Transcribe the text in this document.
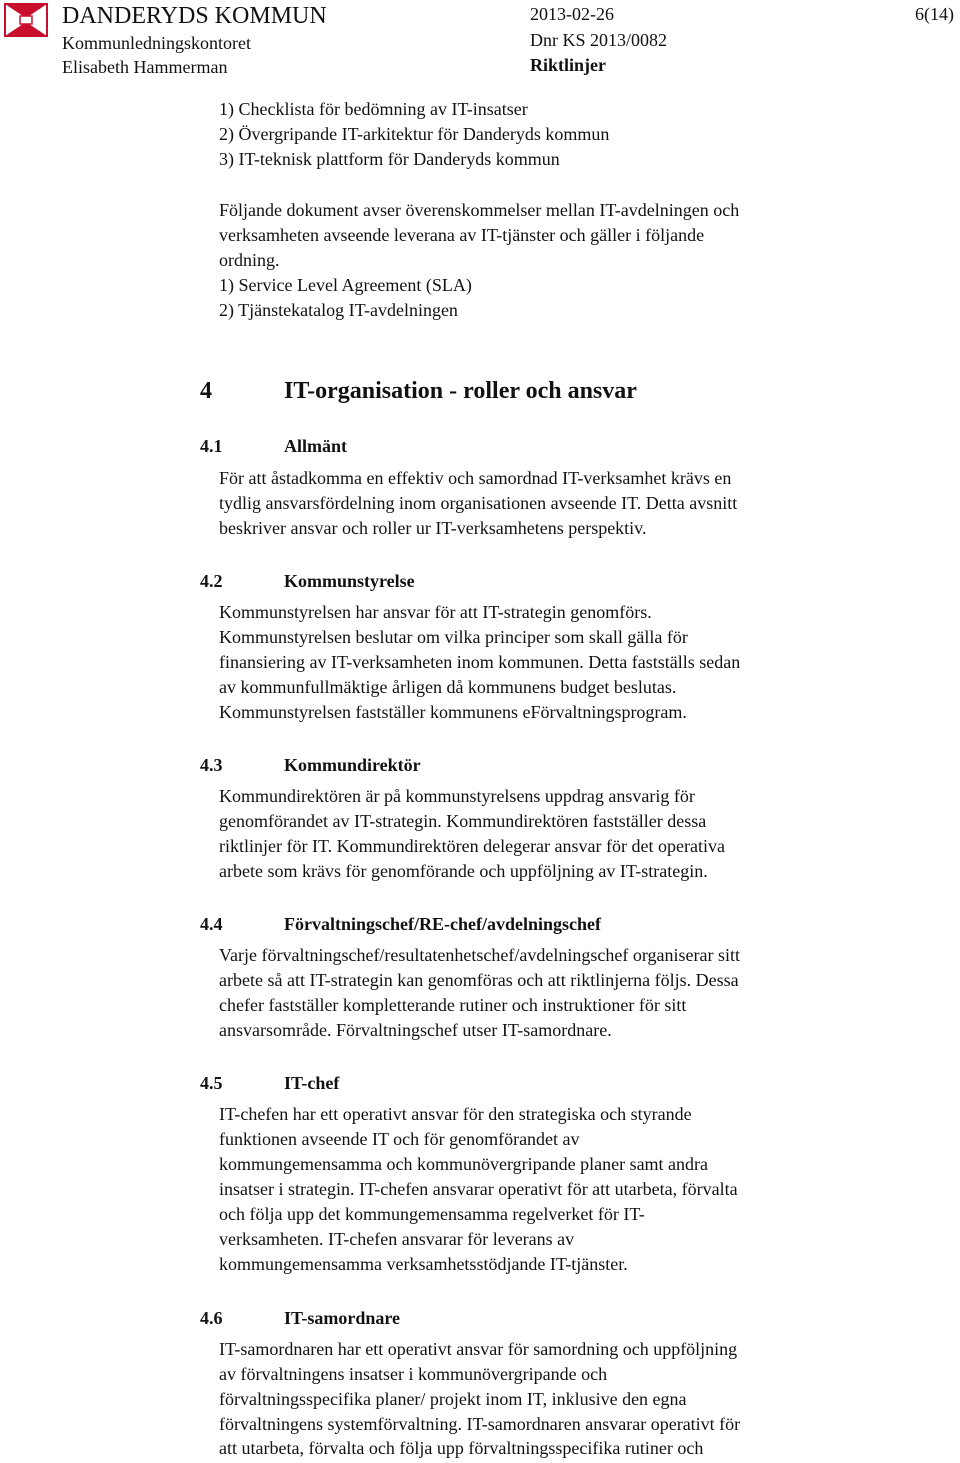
DANDERYDS KOMMUN
Kommunledningskontoret
Elisabeth Hammerman
2013-02-26
Dnr KS 2013/0082
Riktlinjer
6(14)
1) Checklista för bedömning av IT-insatser
2) Övergripande IT-arkitektur för Danderyds kommun
3) IT-teknisk plattform för Danderyds kommun
Följande dokument avser överenskommelser mellan IT-avdelningen och
verksamheten avseende leverana av IT-tjänster och gäller i följande
ordning.
1) Service Level Agreement (SLA)
2) Tjänstekatalog IT-avdelningen
4	IT-organisation - roller och ansvar
4.1	Allmänt
För att åstadkomma en effektiv och samordnad IT-verksamhet krävs en
tydlig ansvarsfördelning inom organisationen avseende IT. Detta avsnitt
beskriver ansvar och roller ur IT-verksamhetens perspektiv.
4.2	Kommunstyrelse
Kommunstyrelsen har ansvar för att IT-strategin genomförs.
Kommunstyrelsen beslutar om vilka principer som skall gälla för
finansiering av IT-verksamheten inom kommunen. Detta fastställs sedan
av kommunfullmäktige årligen då kommunens budget beslutas.
Kommunstyrelsen fastställer kommunens eFörvaltningsprogram.
4.3	Kommundirektör
Kommundirektören är på kommunstyrelsens uppdrag ansvarig för
genomförandet av IT-strategin. Kommundirektören fastställer dessa
riktlinjer för IT. Kommundirektören delegerar ansvar för det operativa
arbete som krävs för genomförande och uppföljning av IT-strategin.
4.4	Förvaltningschef/RE-chef/avdelningschef
Varje förvaltningschef/resultatenhetschef/avdelningschef organiserar sitt
arbete så att IT-strategin kan genomföras och att riktlinjerna följs. Dessa
chefer fastställer kompletterande rutiner och instruktioner för sitt
ansvarsområde. Förvaltningschef utser IT-samordnare.
4.5	IT-chef
IT-chefen har ett operativt ansvar för den strategiska och styrande
funktionen avseende IT och för genomförandet av
kommungemensamma och kommunövergripande planer samt andra
insatser i strategin. IT-chefen ansvarar operativt för att utarbeta, förvalta
och följa upp det kommungemensamma regelverket för IT-
verksamheten. IT-chefen ansvarar för leverans av
kommungemensamma verksamhetsstödjande IT-tjänster.
4.6	IT-samordnare
IT-samordnaren har ett operativt ansvar för samordning och uppföljning
av förvaltningens insatser i kommunövergripande och
förvaltningsspecifika planer/ projekt inom IT, inklusive den egna
förvaltningens systemförvaltning. IT-samordnaren ansvarar operativt för
att utarbeta, förvalta och följa upp förvaltningsspecifika rutiner och
